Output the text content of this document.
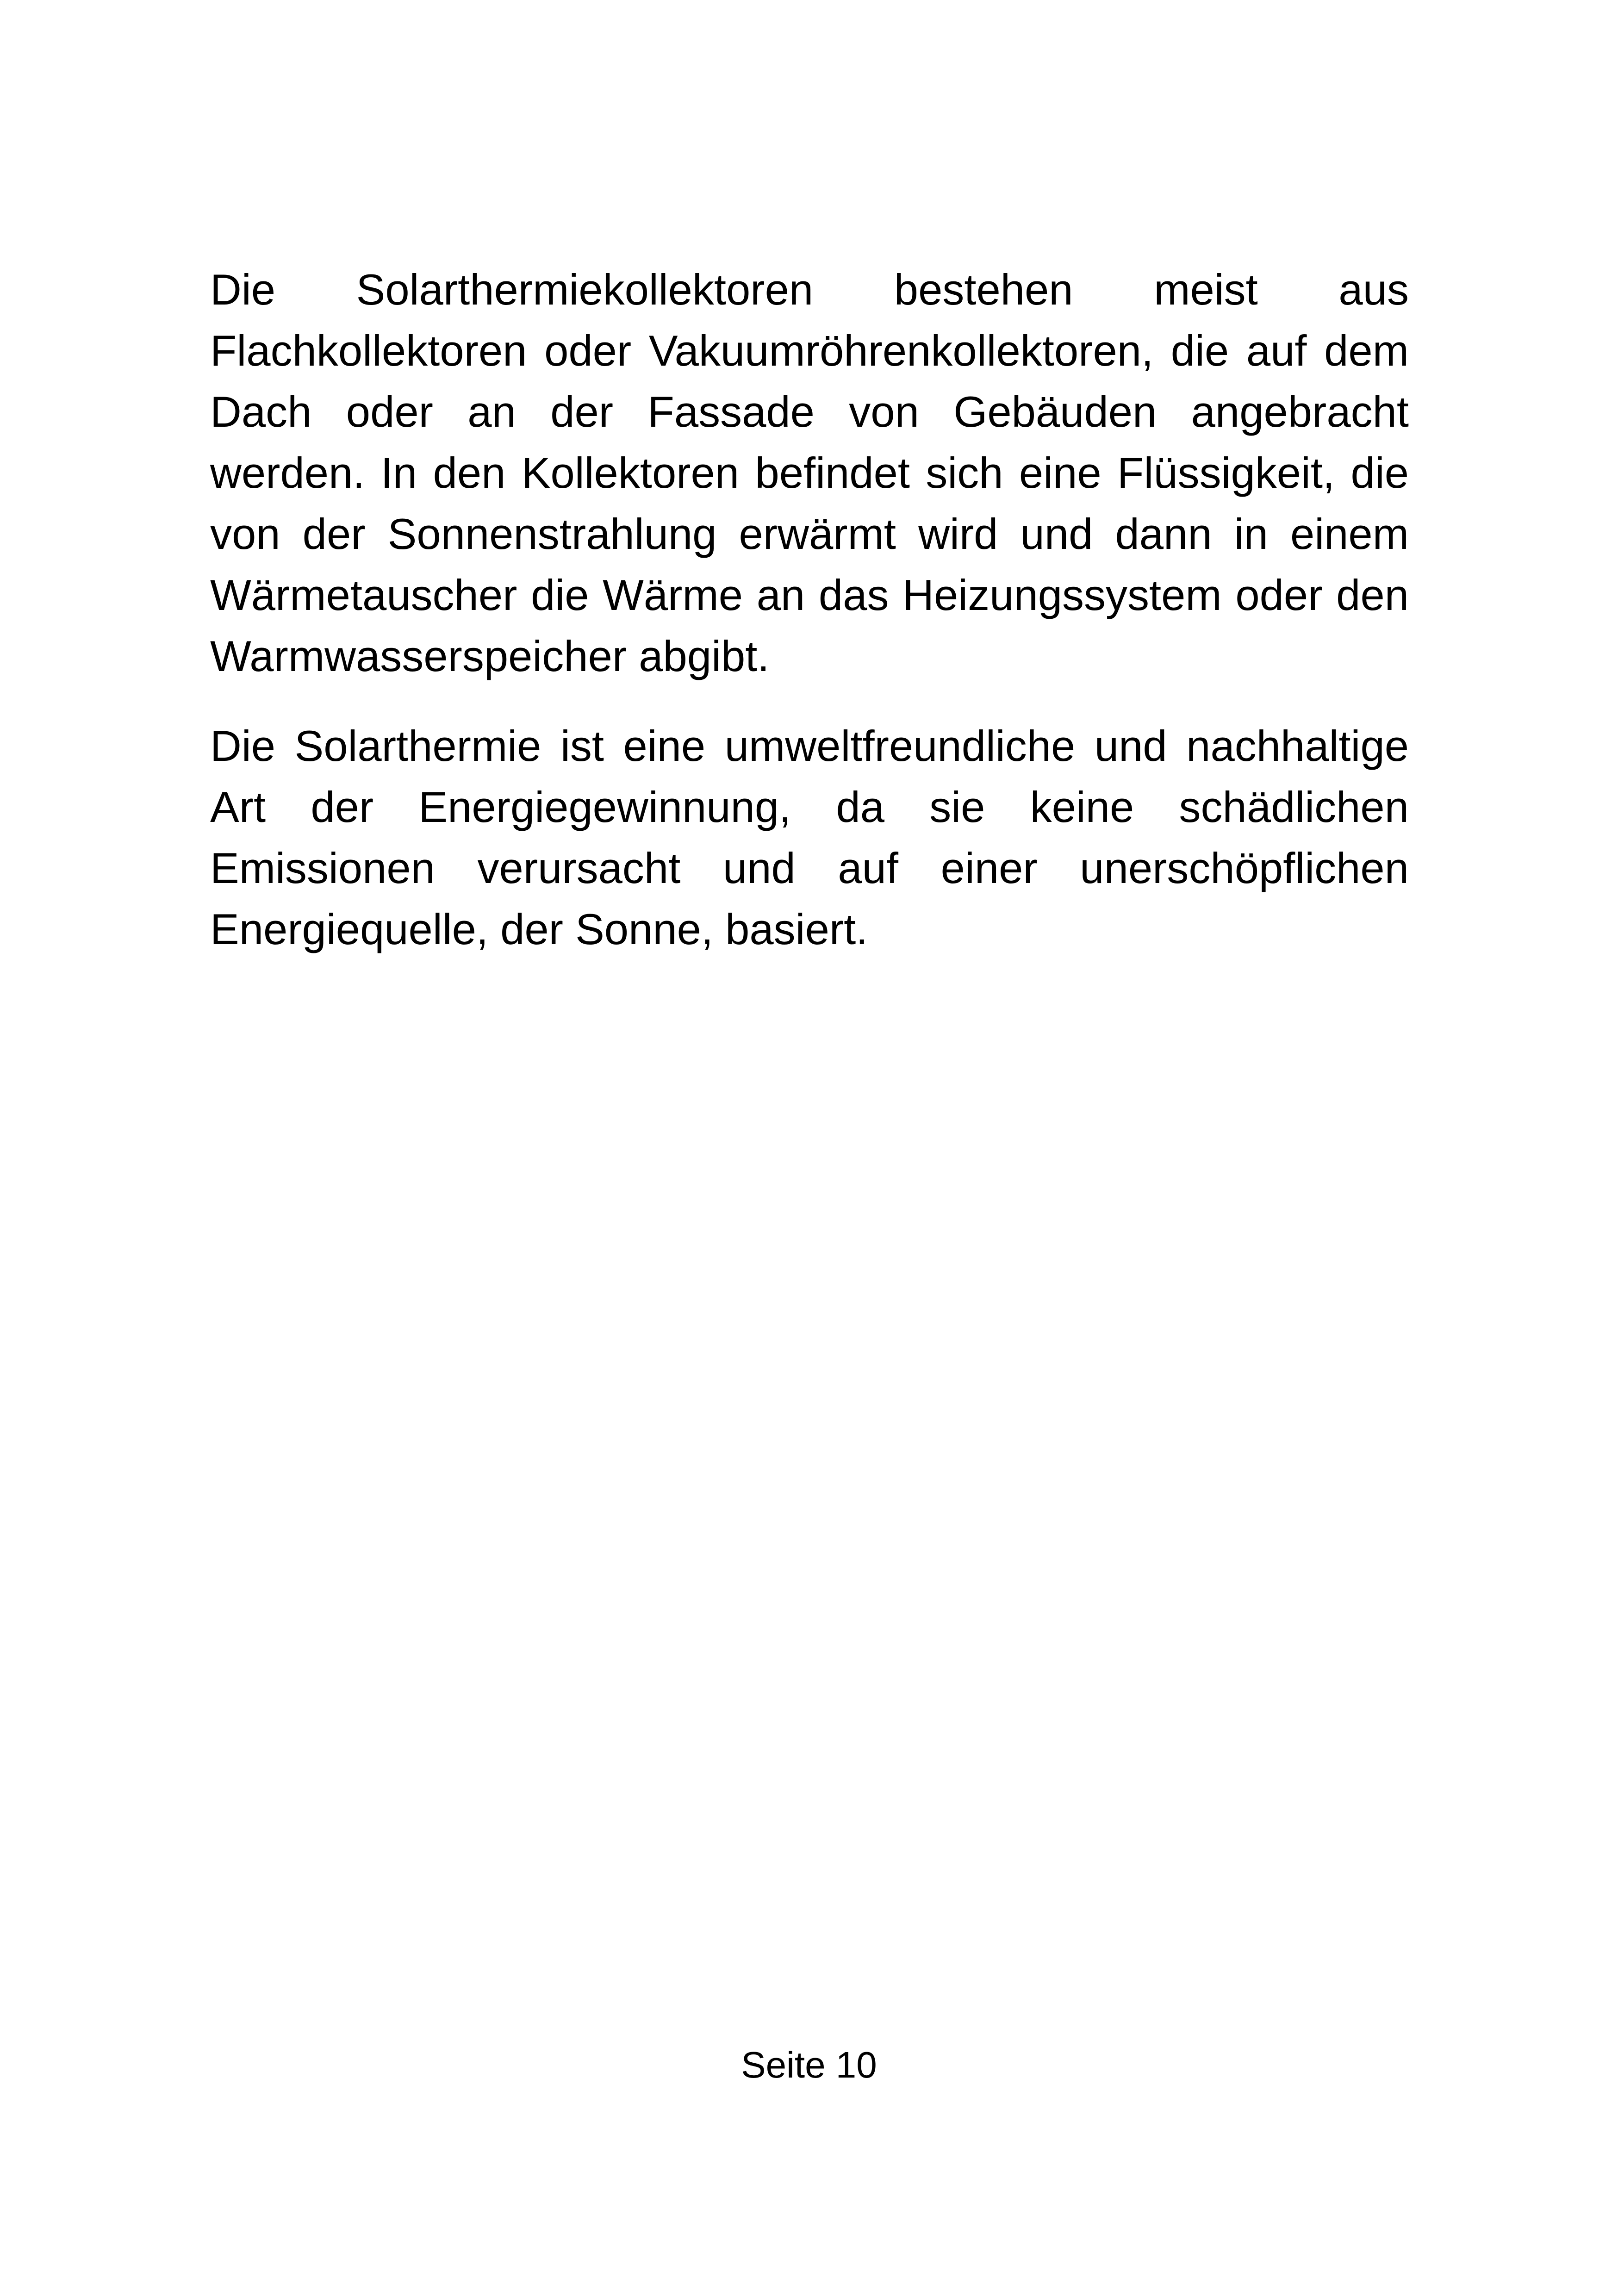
Die Solarthermiekollektoren bestehen meist aus Flachkollektoren oder Vakuumröhrenkollektoren, die auf dem Dach oder an der Fassade von Gebäuden angebracht werden. In den Kollektoren befindet sich eine Flüssigkeit, die von der Sonnenstrahlung erwärmt wird und dann in einem Wärmetauscher die Wärme an das Heizungssystem oder den Warmwasserspeicher abgibt.

Die Solarthermie ist eine umweltfreundliche und nachhaltige Art der Energiegewinnung, da sie keine schädlichen Emissionen verursacht und auf einer unerschöpflichen Energiequelle, der Sonne, basiert.

Seite 10
